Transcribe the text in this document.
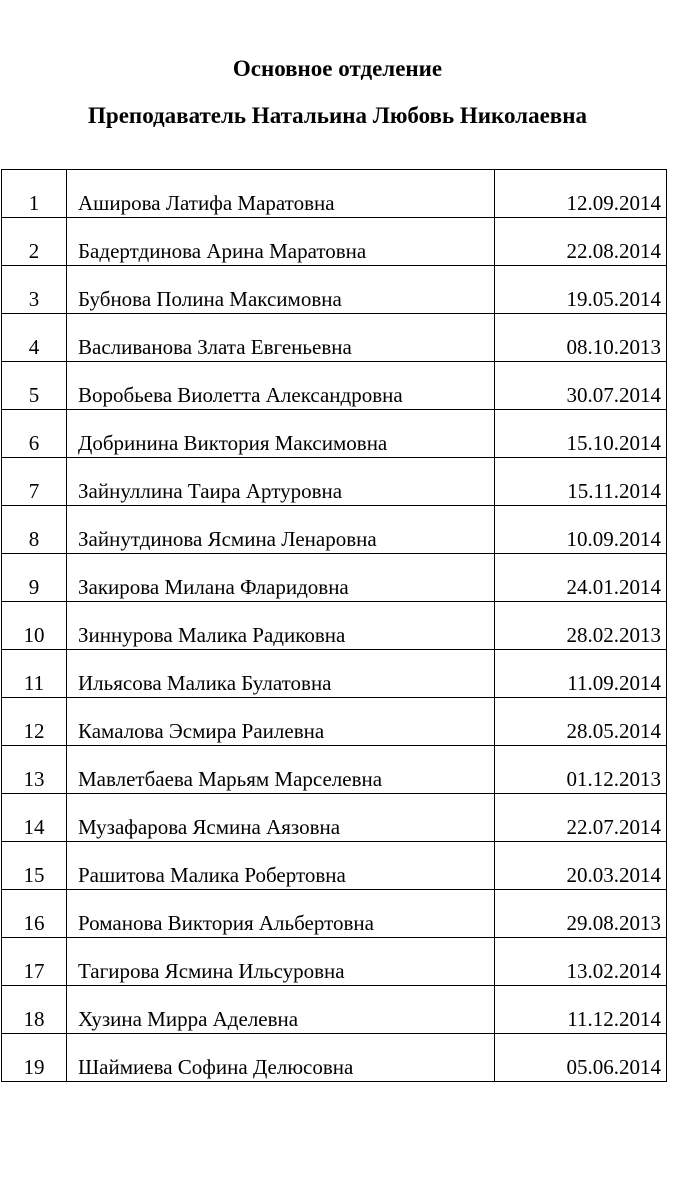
Основное отделение
Преподаватель Натальина Любовь Николаевна
1	Аширова Латифа Маратовна	12.09.2014
2	Бадертдинова Арина Маратовна	22.08.2014
3	Бубнова Полина Максимовна	19.05.2014
4	Васливанова Злата Евгеньевна	08.10.2013
5	Воробьева Виолетта Александровна	30.07.2014
6	Добринина Виктория Максимовна	15.10.2014
7	Зайнуллина Таира Артуровна	15.11.2014
8	Зайнутдинова Ясмина Ленаровна	10.09.2014
9	Закирова Милана Фларидовна	24.01.2014
10	Зиннурова Малика Радиковна	28.02.2013
11	Ильясова Малика Булатовна	11.09.2014
12	Камалова Эсмира Раилевна	28.05.2014
13	Мавлетбаева Марьям Марселевна	01.12.2013
14	Музафарова Ясмина Аязовна	22.07.2014
15	Рашитова Малика Робертовна	20.03.2014
16	Романова Виктория Альбертовна	29.08.2013
17	Тагирова Ясмина Ильсуровна	13.02.2014
18	Хузина Мирра Аделевна	11.12.2014
19	Шаймиева Софина Делюсовна	05.06.2014
